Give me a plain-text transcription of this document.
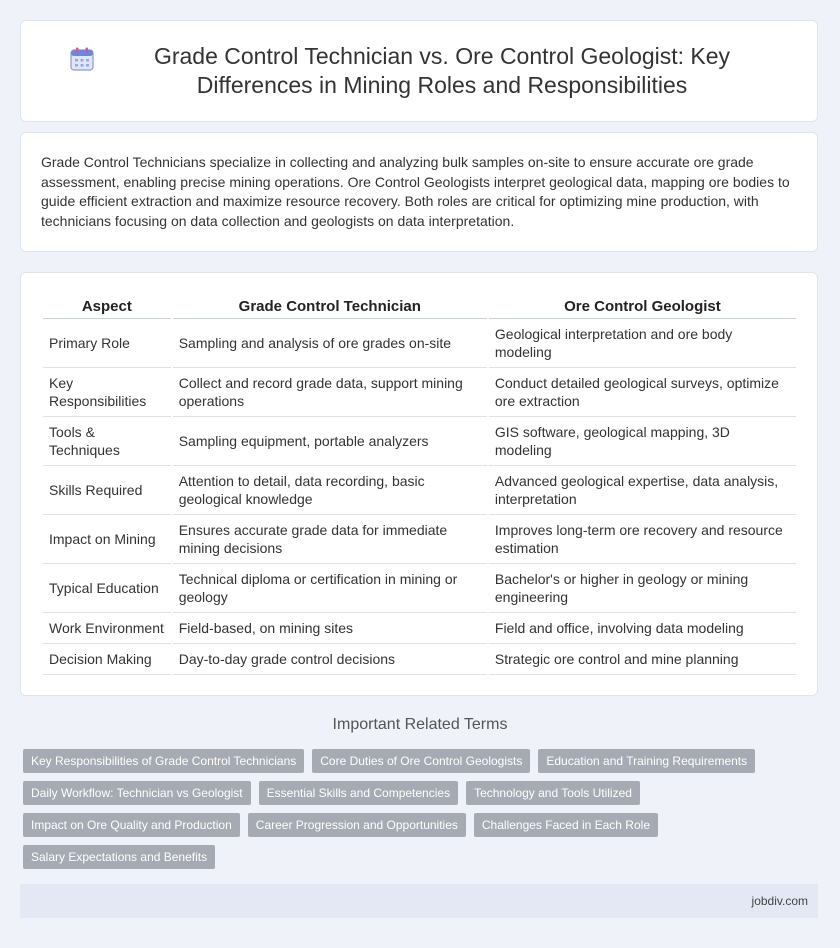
Grade Control Technician vs. Ore Control Geologist: Key Differences in Mining Roles and Responsibilities

Grade Control Technicians specialize in collecting and analyzing bulk samples on-site to ensure accurate ore grade assessment, enabling precise mining operations. Ore Control Geologists interpret geological data, mapping ore bodies to guide efficient extraction and maximize resource recovery. Both roles are critical for optimizing mine production, with technicians focusing on data collection and geologists on data interpretation.

Aspect	Grade Control Technician	Ore Control Geologist
Primary Role	Sampling and analysis of ore grades on-site	Geological interpretation and ore body modeling
Key Responsibilities	Collect and record grade data, support mining operations	Conduct detailed geological surveys, optimize ore extraction
Tools & Techniques	Sampling equipment, portable analyzers	GIS software, geological mapping, 3D modeling
Skills Required	Attention to detail, data recording, basic geological knowledge	Advanced geological expertise, data analysis, interpretation
Impact on Mining	Ensures accurate grade data for immediate mining decisions	Improves long-term ore recovery and resource estimation
Typical Education	Technical diploma or certification in mining or geology	Bachelor's or higher in geology or mining engineering
Work Environment	Field-based, on mining sites	Field and office, involving data modeling
Decision Making	Day-to-day grade control decisions	Strategic ore control and mine planning
Important Related Terms
Key Responsibilities of Grade Control Technicians	Core Duties of Ore Control Geologists	Education and Training Requirements
Daily Workflow: Technician vs Geologist	Essential Skills and Competencies	Technology and Tools Utilized
Impact on Ore Quality and Production	Career Progression and Opportunities	Challenges Faced in Each Role
Salary Expectations and Benefits
jobdiv.com
